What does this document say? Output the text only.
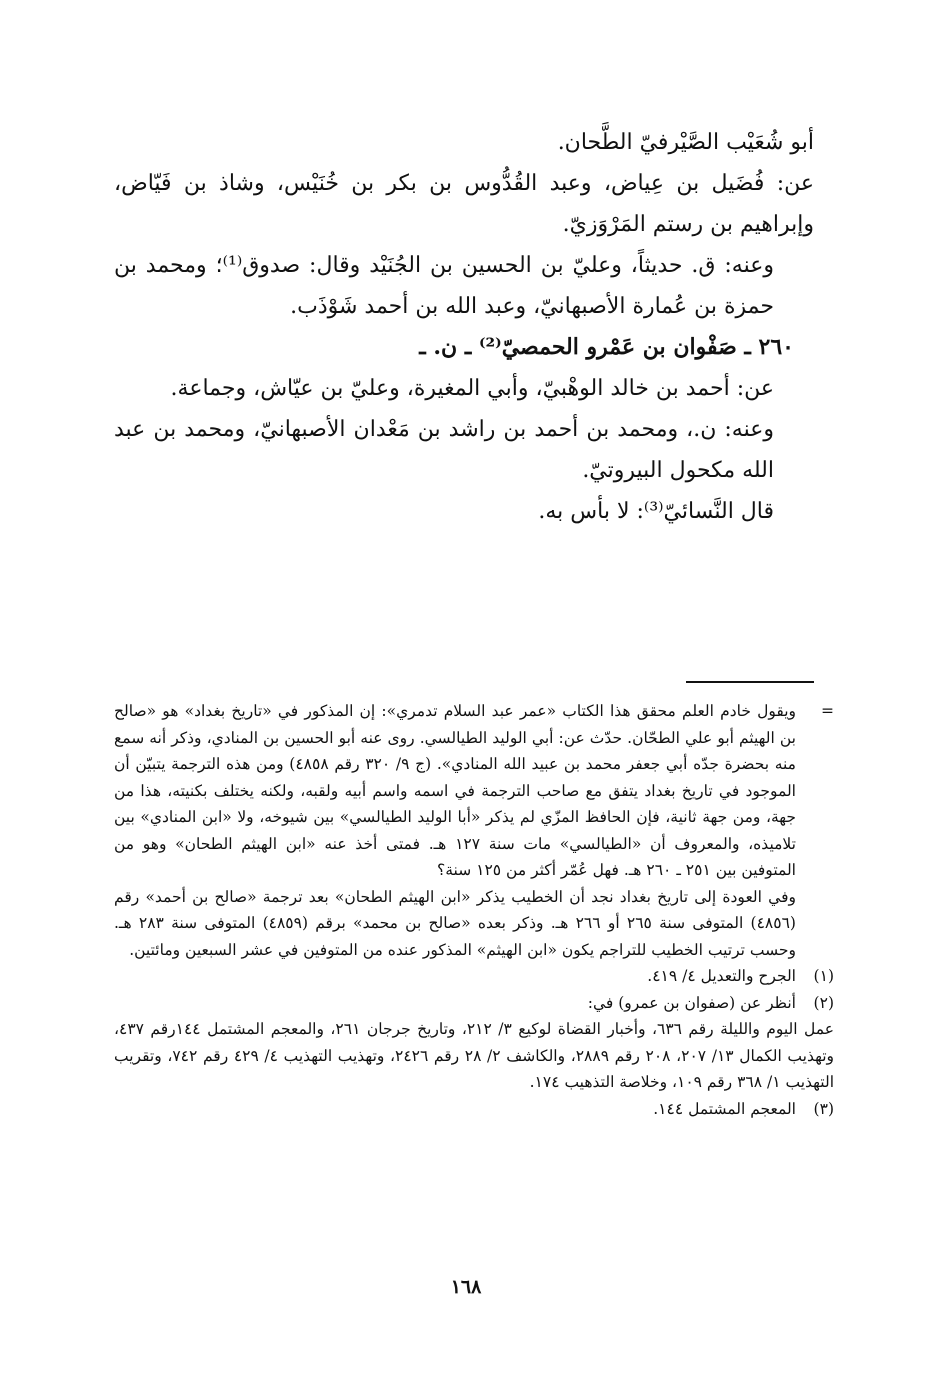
أبو شُعَيْب الصَّيْرفيّ الطَّحان.

عن: فُضَيل بن عِياض، وعبد القُدُّوس بن بكر بن خُنَيْس، وشاذ بن فَيّاض، وإبراهيم بن رستم المَرْوَزيّ.

وعنه: ق. حديثاً، وعليّ بن الحسين بن الجُنَيْد وقال: صدوق⁽¹⁾؛ ومحمد بن حمزة بن عُمارة الأصبهانيّ، وعبد الله بن أحمد شَوْذَب.

٢٦٠ ـ صَفْوان بن عَمْرو الحمصيّ⁽²⁾ ـ ن. ـ

عن: أحمد بن خالد الوهْبيّ، وأبي المغيرة، وعليّ بن عيّاش، وجماعة.

وعنه: ن.، ومحمد بن أحمد بن راشد بن مَعْدان الأصبهانيّ، ومحمد بن عبد الله مكحول البيروتيّ.

قال النَّسائيّ⁽³⁾: لا بأس به.

=

ويقول خادم العلم محقق هذا الكتاب «عمر عبد السلام تدمري»: إن المذكور في «تاريخ بغداد» هو «صالح بن الهيثم أبو علي الطحّان. حدّث عن: أبي الوليد الطيالسي. روى عنه أبو الحسين بن المنادي، وذكر أنه سمع منه بحضرة جدّه أبي جعفر محمد بن عبيد الله المنادي». (ج ٩/ ٣٢٠ رقم ٤٨٥٨) ومن هذه الترجمة يتبيّن أن الموجود في تاريخ بغداد يتفق مع صاحب الترجمة في اسمه واسم أبيه ولقبه، ولكنه يختلف بكنيته، هذا من جهة، ومن جهة ثانية، فإن الحافظ المزّي لم يذكر «أبا الوليد الطيالسي» بين شيوخه، ولا «ابن المنادي» بين تلاميذه، والمعروف أن «الطيالسي» مات سنة ١٢٧ هـ. فمتى أخذ عنه «ابن الهيثم الطحان» وهو من المتوفين بين ٢٥١ ـ ٢٦٠ هـ. فهل عُمّر أكثر من ١٢٥ سنة؟

وفي العودة إلى تاريخ بغداد نجد أن الخطيب يذكر «ابن الهيثم الطحان» بعد ترجمة «صالح بن أحمد» رقم (٤٨٥٦) المتوفى سنة ٢٦٥ أو ٢٦٦ هـ. وذكر بعده «صالح بن محمد» برقم (٤٨٥٩) المتوفى سنة ٢٨٣ هـ. وحسب ترتيب الخطيب للتراجم يكون «ابن الهيثم» المذكور عنده من المتوفين في عشر السبعين ومائتين.

(١)

الجرح والتعديل ٤/ ٤١٩.

(٢)

أنظر عن (صفوان بن عمرو) في:

عمل اليوم والليلة رقم ٦٣٦، وأخبار القضاة لوكيع ٣/ ٢١٢، وتاريخ جرجان ٢٦١، والمعجم المشتمل ١٤٤رقم ٤٣٧، وتهذيب الكمال ١٣/ ٢٠٧، ٢٠٨ رقم ٢٨٨٩، والكاشف ٢/ ٢٨ رقم ٢٤٢٦، وتهذيب التهذيب ٤/ ٤٢٩ رقم ٧٤٢، وتقريب التهذيب ١/ ٣٦٨ رقم ١٠٩، وخلاصة التذهيب ١٧٤.

(٣)

المعجم المشتمل ١٤٤.

١٦٨
